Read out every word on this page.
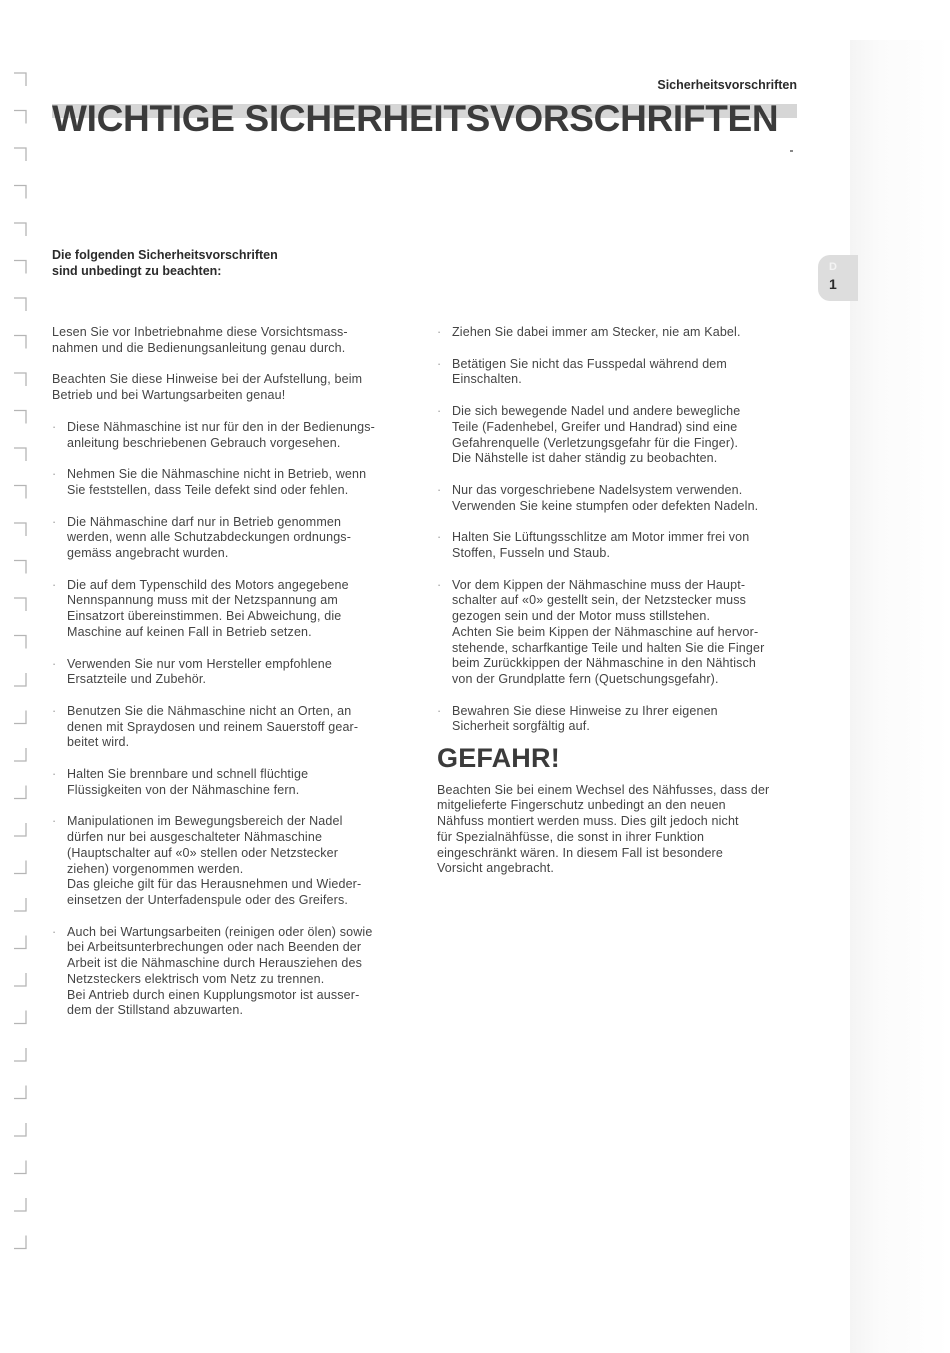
Sicherheitsvorschriften
WICHTIGE SICHERHEITSVORSCHRIFTEN
D
1
Die folgenden Sicherheitsvorschriften
sind unbedingt zu beachten:

Lesen Sie vor Inbetriebnahme diese Vorsichtsmass-
nahmen und die Bedienungsanleitung genau durch.

Beachten Sie diese Hinweise bei der Aufstellung, beim
Betrieb und bei Wartungsarbeiten genau!

· Diese Nähmaschine ist nur für den in der Bedienungs-
anleitung beschriebenen Gebrauch vorgesehen.
· Nehmen Sie die Nähmaschine nicht in Betrieb, wenn
Sie feststellen, dass Teile defekt sind oder fehlen.
· Die Nähmaschine darf nur in Betrieb genommen
werden, wenn alle Schutzabdeckungen ordnungs-
gemäss angebracht wurden.
· Die auf dem Typenschild des Motors angegebene
Nennspannung muss mit der Netzspannung am
Einsatzort übereinstimmen. Bei Abweichung, die
Maschine auf keinen Fall in Betrieb setzen.
· Verwenden Sie nur vom Hersteller empfohlene
Ersatzteile und Zubehör.
· Benutzen Sie die Nähmaschine nicht an Orten, an
denen mit Spraydosen und reinem Sauerstoff gear-
beitet wird.
· Halten Sie brennbare und schnell flüchtige
Flüssigkeiten von der Nähmaschine fern.
· Manipulationen im Bewegungsbereich der Nadel
dürfen nur bei ausgeschalteter Nähmaschine
(Hauptschalter auf «0» stellen oder Netzstecker
ziehen) vorgenommen werden.
Das gleiche gilt für das Herausnehmen und Wieder-
einsetzen der Unterfadenspule oder des Greifers.
· Auch bei Wartungsarbeiten (reinigen oder ölen) sowie
bei Arbeitsunterbrechungen oder nach Beenden der
Arbeit ist die Nähmaschine durch Herausziehen des
Netzsteckers elektrisch vom Netz zu trennen.
Bei Antrieb durch einen Kupplungsmotor ist ausser-
dem der Stillstand abzuwarten.
· Ziehen Sie dabei immer am Stecker, nie am Kabel.
· Betätigen Sie nicht das Fusspedal während dem
Einschalten.
· Die sich bewegende Nadel und andere bewegliche
Teile (Fadenhebel, Greifer und Handrad) sind eine
Gefahrenquelle (Verletzungsgefahr für die Finger).
Die Nähstelle ist daher ständig zu beobachten.
· Nur das vorgeschriebene Nadelsystem verwenden.
Verwenden Sie keine stumpfen oder defekten Nadeln.
· Halten Sie Lüftungsschlitze am Motor immer frei von
Stoffen, Fusseln und Staub.
· Vor dem Kippen der Nähmaschine muss der Haupt-
schalter auf «0» gestellt sein, der Netzstecker muss
gezogen sein und der Motor muss stillstehen.
Achten Sie beim Kippen der Nähmaschine auf hervor-
stehende, scharfkantige Teile und halten Sie die Finger
beim Zurückkippen der Nähmaschine in den Nähtisch
von der Grundplatte fern (Quetschungsgefahr).
· Bewahren Sie diese Hinweise zu Ihrer eigenen
Sicherheit sorgfältig auf.
GEFAHR!
Beachten Sie bei einem Wechsel des Nähfusses, dass der
mitgelieferte Fingerschutz unbedingt an den neuen
Nähfuss montiert werden muss. Dies gilt jedoch nicht
für Spezialnähfüsse, die sonst in ihrer Funktion
eingeschränkt wären. In diesem Fall ist besondere
Vorsicht angebracht.
